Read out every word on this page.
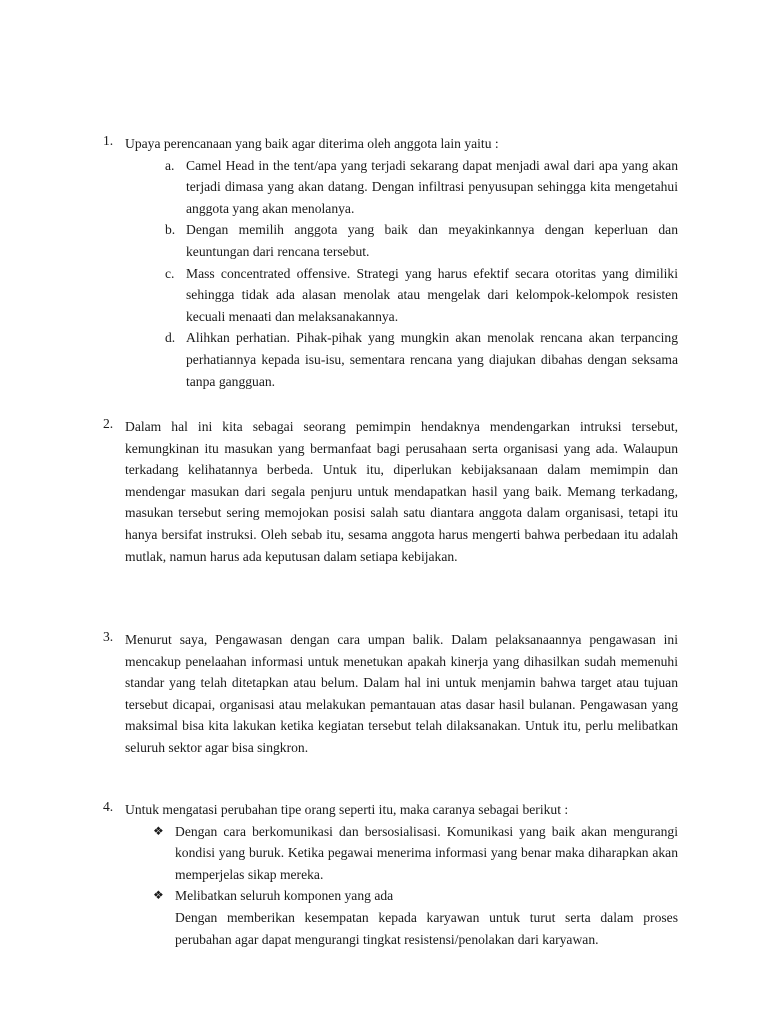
1. Upaya perencanaan yang baik agar diterima oleh anggota lain yaitu :

a. Camel Head in the tent/apa yang terjadi sekarang dapat menjadi awal dari apa yang akan terjadi dimasa yang akan datang. Dengan infiltrasi penyusupan sehingga kita mengetahui anggota yang akan menolanya.

b. Dengan memilih anggota yang baik dan meyakinkannya dengan keperluan dan keuntungan dari rencana tersebut.

c. Mass concentrated offensive. Strategi yang harus efektif secara otoritas yang dimiliki sehingga tidak ada alasan menolak atau mengelak dari kelompok-kelompok resisten kecuali menaati dan melaksanakannya.

d. Alihkan perhatian. Pihak-pihak yang mungkin akan menolak rencana akan terpancing perhatiannya kepada isu-isu, sementara rencana yang diajukan dibahas dengan seksama tanpa gangguan.

2. Dalam hal ini kita sebagai seorang pemimpin hendaknya mendengarkan intruksi tersebut, kemungkinan itu masukan yang bermanfaat bagi perusahaan serta organisasi yang ada. Walaupun terkadang kelihatannya berbeda. Untuk itu, diperlukan kebijaksanaan dalam memimpin dan mendengar masukan dari segala penjuru untuk mendapatkan hasil yang baik. Memang terkadang, masukan tersebut sering memojokan posisi salah satu diantara anggota dalam organisasi, tetapi itu hanya bersifat instruksi. Oleh sebab itu, sesama anggota harus mengerti bahwa perbedaan itu adalah mutlak, namun harus ada keputusan dalam setiapa kebijakan.

3. Menurut saya, Pengawasan dengan cara umpan balik. Dalam pelaksanaannya pengawasan ini mencakup penelaahan informasi untuk menetukan apakah kinerja yang dihasilkan sudah memenuhi standar yang telah ditetapkan atau belum. Dalam hal ini untuk menjamin bahwa target atau tujuan tersebut dicapai, organisasi atau melakukan pemantauan atas dasar hasil bulanan. Pengawasan yang maksimal bisa kita lakukan ketika kegiatan tersebut telah dilaksanakan. Untuk itu, perlu melibatkan seluruh sektor agar bisa singkron.

4. Untuk mengatasi perubahan tipe orang seperti itu, maka caranya sebagai berikut :

❖ Dengan cara berkomunikasi dan bersosialisasi. Komunikasi yang baik akan mengurangi kondisi yang buruk. Ketika pegawai menerima informasi yang benar maka diharapkan akan memperjelas sikap mereka.

❖ Melibatkan seluruh komponen yang ada

Dengan memberikan kesempatan kepada karyawan untuk turut serta dalam proses perubahan agar dapat mengurangi tingkat resistensi/penolakan dari karyawan.
